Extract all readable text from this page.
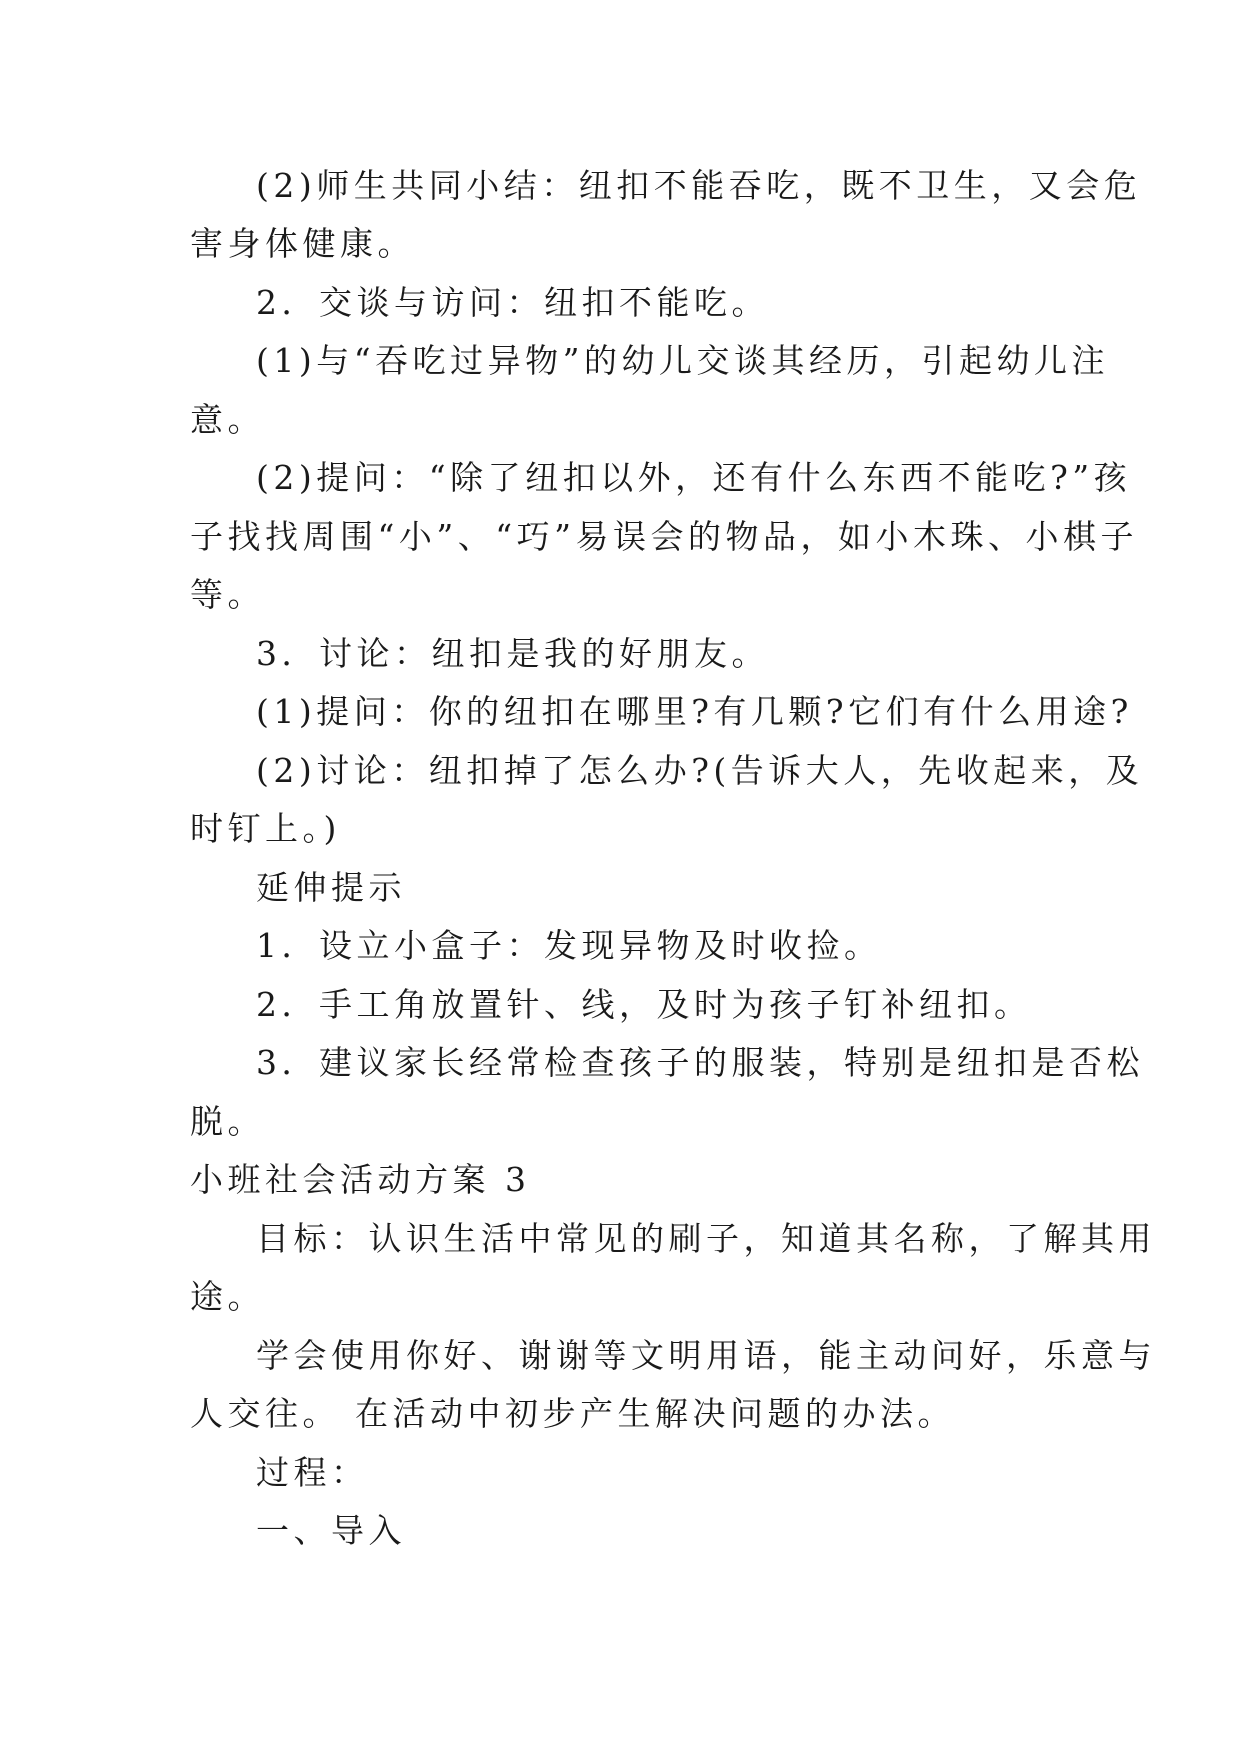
(2)师生共同小结：纽扣不能吞吃，既不卫生，又会危
害身体健康。
2．交谈与访问：纽扣不能吃。
(1)与“吞吃过异物”的幼儿交谈其经历，引起幼儿注
意。
(2)提问：“除了纽扣以外，还有什么东西不能吃?”孩
子找找周围“小”、“巧”易误会的物品，如小木珠、小棋子
等。
3．讨论：纽扣是我的好朋友。
(1)提问：你的纽扣在哪里?有几颗?它们有什么用途?
(2)讨论：纽扣掉了怎么办?(告诉大人，先收起来，及
时钉上。)
延伸提示
1．设立小盒子：发现异物及时收捡。
2．手工角放置针、线，及时为孩子钉补纽扣。
3．建议家长经常检查孩子的服装，特别是纽扣是否松
脱。
小班社会活动方案 3
目标：认识生活中常见的刷子，知道其名称，了解其用
途。
学会使用你好、谢谢等文明用语，能主动问好，乐意与
人交往。 在活动中初步产生解决问题的办法。
过程：
一、导入
